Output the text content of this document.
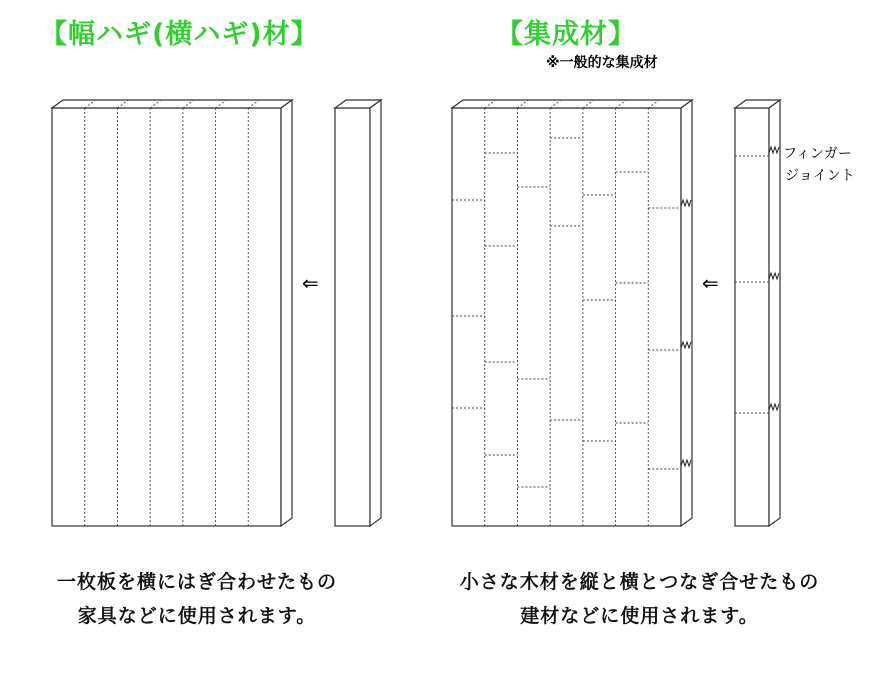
【幅ハギ(横ハギ)材】	【集成材】
※一般的な集成材
⇐	⇐
フィンガー
ジョイント
一枚板を横にはぎ合わせたもの
家具などに使用されます。
小さな木材を縦と横とつなぎ合せたもの
建材などに使用されます。
